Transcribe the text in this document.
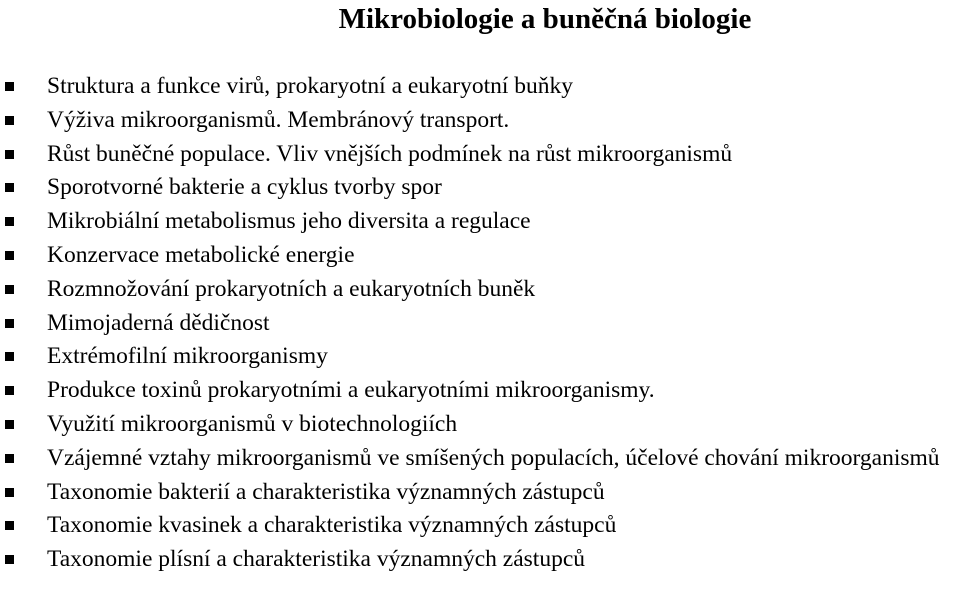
Mikrobiologie a buněčná biologie
Struktura a funkce virů, prokaryotní a eukaryotní buňky
Výživa mikroorganismů. Membránový transport.
Růst buněčné populace. Vliv vnějších podmínek na růst mikroorganismů
Sporotvorné bakterie a cyklus tvorby spor
Mikrobiální metabolismus jeho diversita a regulace
Konzervace metabolické energie
Rozmnožování prokaryotních a eukaryotních buněk
Mimojaderná dědičnost
Extrémofilní mikroorganismy
Produkce toxinů prokaryotními a eukaryotními mikroorganismy.
Využití mikroorganismů v biotechnologiích
Vzájemné vztahy mikroorganismů ve smíšených populacích, účelové chování mikroorganismů
Taxonomie bakterií a charakteristika významných zástupců
Taxonomie kvasinek a charakteristika významných zástupců
Taxonomie plísní a charakteristika významných zástupců
